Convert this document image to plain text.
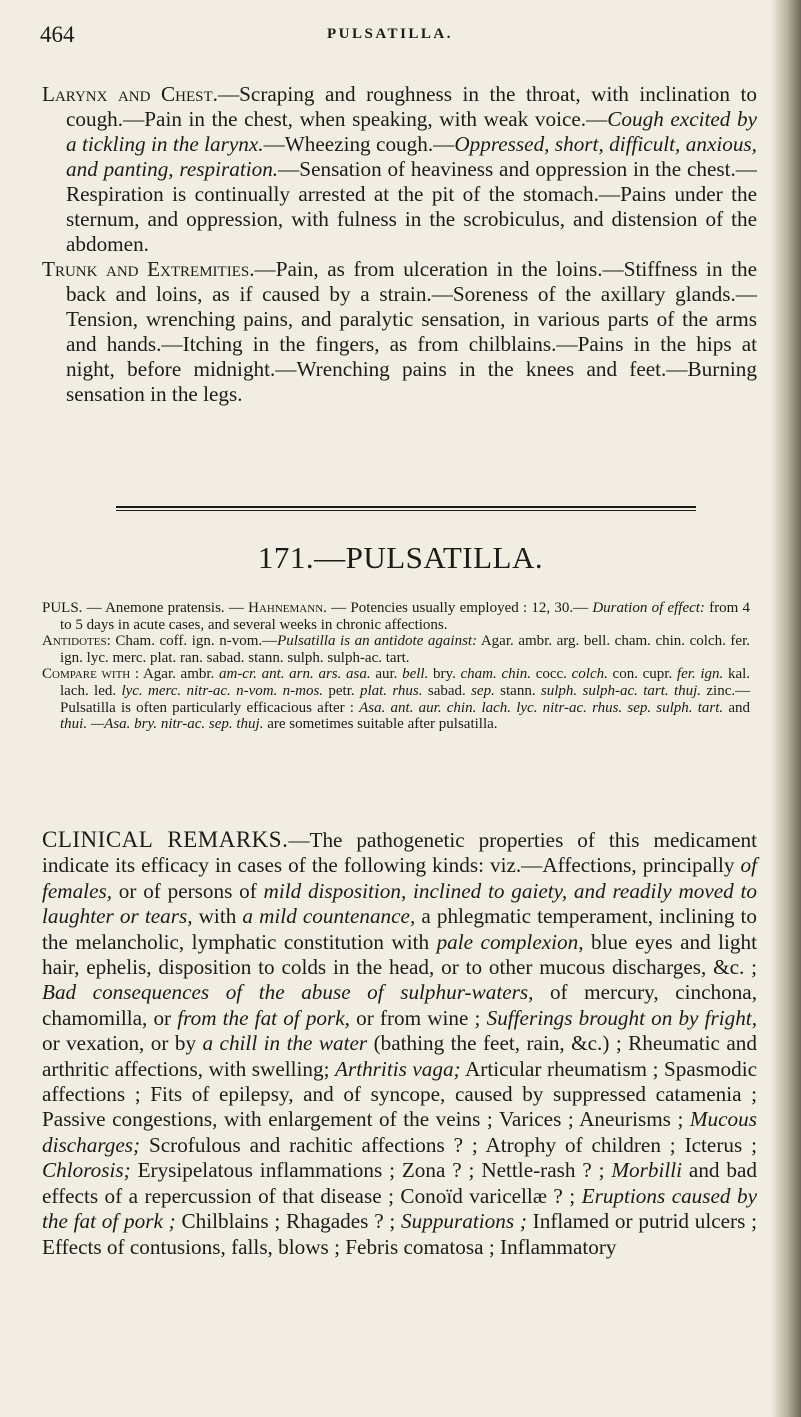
464	PULSATILLA.

Larynx and Chest.—Scraping and roughness in the throat, with inclination to cough.—Pain in the chest, when speaking, with weak voice.—Cough excited by a tickling in the larynx.—Wheezing cough.—Oppressed, short, difficult, anxious, and panting, respiration.—Sensation of heaviness and oppression in the chest.—Respiration is continually arrested at the pit of the stomach.—Pains under the sternum, and oppression, with fulness in the scrobiculus, and distension of the abdomen.

Trunk and Extremities.—Pain, as from ulceration in the loins.—Stiffness in the back and loins, as if caused by a strain.—Soreness of the axillary glands.—Tension, wrenching pains, and paralytic sensation, in various parts of the arms and hands.—Itching in the fingers, as from chilblains.—Pains in the hips at night, before midnight.—Wrenching pains in the knees and feet.—Burning sensation in the legs.

171.—PULSATILLA.

PULS. — Anemone pratensis. — Hahnemann. — Potencies usually employed : 12, 30.— Duration of effect: from 4 to 5 days in acute cases, and several weeks in chronic affections.

Antidotes: Cham. coff. ign. n-vom.—Pulsatilla is an antidote against: Agar. ambr. arg. bell. cham. chin. colch. fer. ign. lyc. merc. plat. ran. sabad. stann. sulph. sulph-ac. tart.

Compare with : Agar. ambr. am-cr. ant. arn. ars. asa. aur. bell. bry. cham. chin. cocc. colch. con. cupr. fer. ign. kal. lach. led. lyc. merc. nitr-ac. n-vom. n-mos. petr. plat. rhus. sabad. sep. stann. sulph. sulph-ac. tart. thuj. zinc.—Pulsatilla is often particularly efficacious after : Asa. ant. aur. chin. lach. lyc. nitr-ac. rhus. sep. sulph. tart. and thui. —Asa. bry. nitr-ac. sep. thuj. are sometimes suitable after pulsatilla.

CLINICAL REMARKS.—The pathogenetic properties of this medicament indicate its efficacy in cases of the following kinds: viz.—Affections, principally of females, or of persons of mild disposition, inclined to gaiety, and readily moved to laughter or tears, with a mild countenance, a phlegmatic temperament, inclining to the melancholic, lymphatic constitution with pale complexion, blue eyes and light hair, ephelis, disposition to colds in the head, or to other mucous discharges, &c. ; Bad consequences of the abuse of sulphur-waters, of mercury, cinchona, chamomilla, or from the fat of pork, or from wine ; Sufferings brought on by fright, or vexation, or by a chill in the water (bathing the feet, rain, &c.) ; Rheumatic and arthritic affections, with swelling; Arthritis vaga; Articular rheumatism ; Spasmodic affections ; Fits of epilepsy, and of syncope, caused by suppressed catamenia ; Passive congestions, with enlargement of the veins ; Varices ; Aneurisms ; Mucous discharges; Scrofulous and rachitic affections ? ; Atrophy of children ; Icterus ; Chlorosis; Erysipelatous inflammations ; Zona ? ; Nettle-rash ? ; Morbilli and bad effects of a repercussion of that disease ; Conoïd varicellæ ? ; Eruptions caused by the fat of pork ; Chilblains ; Rhagades ? ; Suppurations ; Inflamed or putrid ulcers ; Effects of contusions, falls, blows ; Febris comatosa ; Inflammatory
